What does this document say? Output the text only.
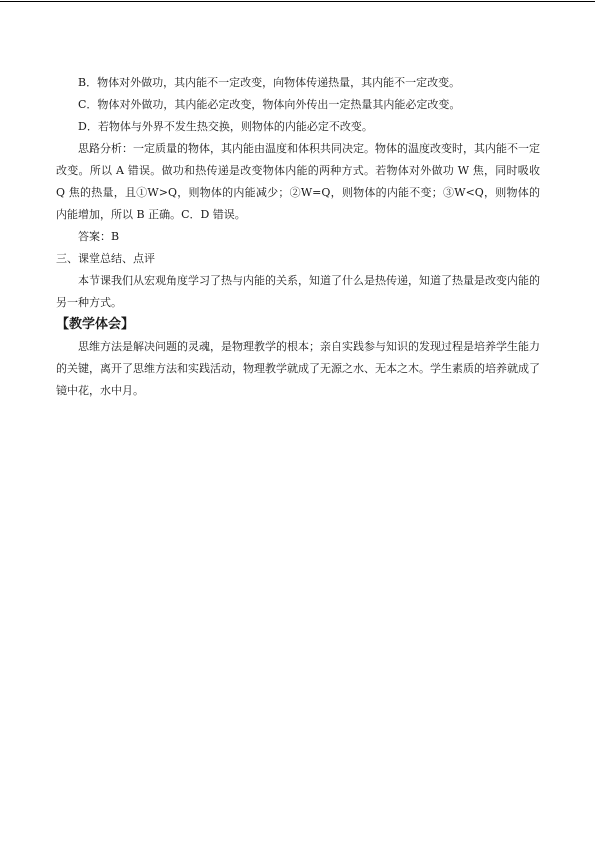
B．物体对外做功，其内能不一定改变，向物体传递热量，其内能不一定改变。

C．物体对外做功，其内能必定改变，物体向外传出一定热量其内能必定改变。

D．若物体与外界不发生热交换，则物体的内能必定不改变。

思路分析：一定质量的物体，其内能由温度和体积共同决定。物体的温度改变时，其内能不一定改变。所以 A 错误。做功和热传递是改变物体内能的两种方式。若物体对外做功 W 焦，同时吸收 Q 焦的热量，且①W>Q，则物体的内能减少；②W=Q，则物体的内能不变；③W<Q，则物体的内能增加，所以 B 正确。C．D 错误。

答案：B

三、课堂总结、点评

本节课我们从宏观角度学习了热与内能的关系，知道了什么是热传递，知道了热量是改变内能的另一种方式。

【教学体会】

思维方法是解决问题的灵魂，是物理教学的根本；亲自实践参与知识的发现过程是培养学生能力的关键，离开了思维方法和实践活动，物理教学就成了无源之水、无本之木。学生素质的培养就成了镜中花，水中月。
